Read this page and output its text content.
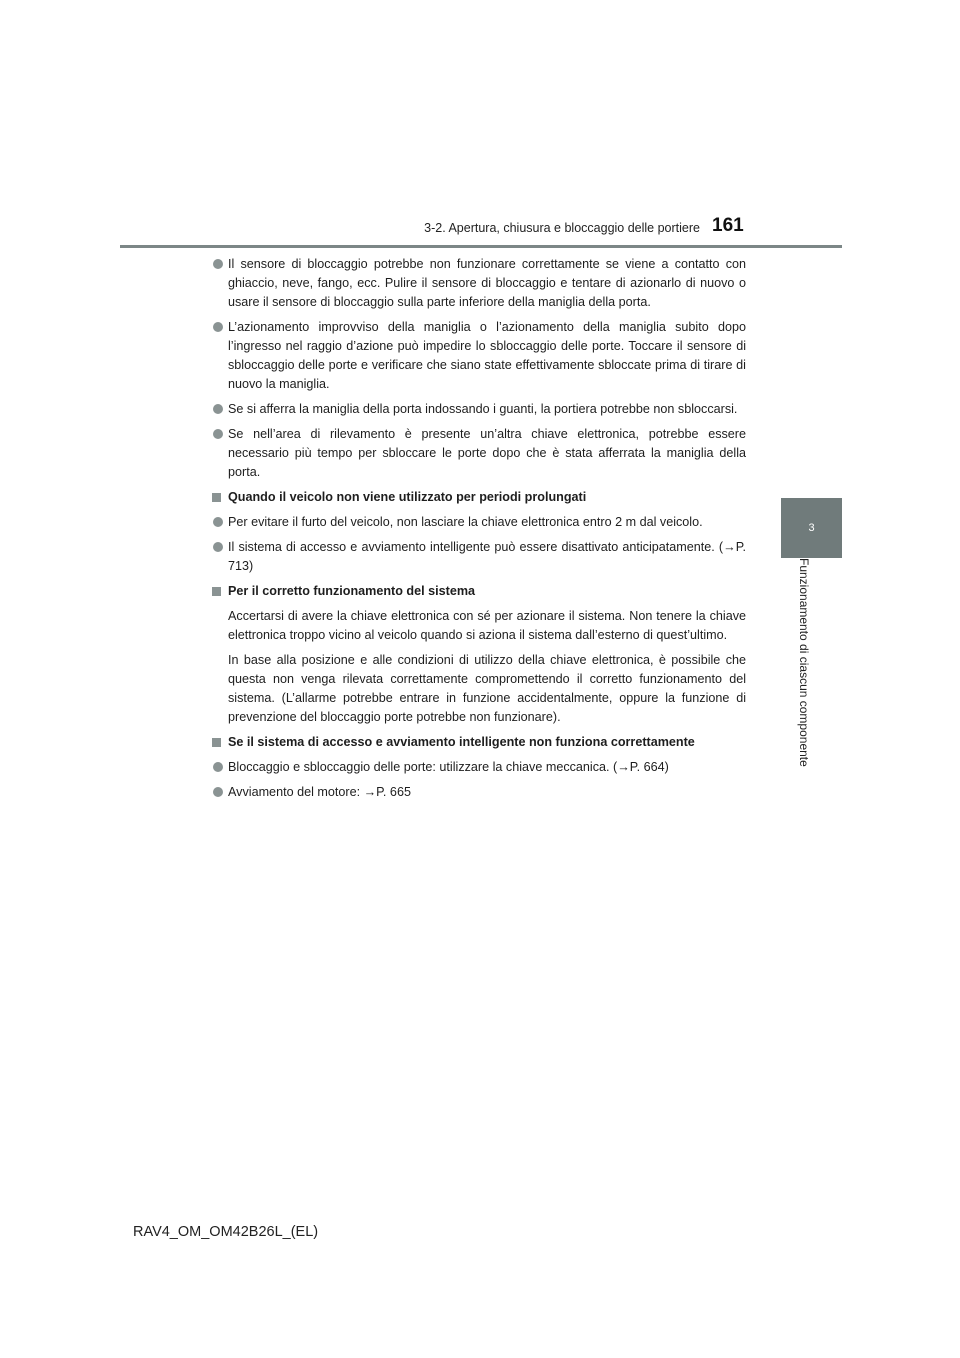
3-2. Apertura, chiusura e bloccaggio delle portiere 161
3
Funzionamento di ciascun componente
Il sensore di bloccaggio potrebbe non funzionare correttamente se viene a contatto con ghiaccio, neve, fango, ecc. Pulire il sensore di bloccaggio e tentare di azionarlo di nuovo o usare il sensore di bloccaggio sulla parte inferiore della maniglia della porta.
L’azionamento improvviso della maniglia o l’azionamento della maniglia subito dopo l’ingresso nel raggio d’azione può impedire lo sbloccaggio delle porte. Toccare il sensore di sbloccaggio delle porte e verificare che siano state effettivamente sbloccate prima di tirare di nuovo la maniglia.
Se si afferra la maniglia della porta indossando i guanti, la portiera potrebbe non sbloccarsi.
Se nell’area di rilevamento è presente un’altra chiave elettronica, potrebbe essere necessario più tempo per sbloccare le porte dopo che è stata afferrata la maniglia della porta.
Quando il veicolo non viene utilizzato per periodi prolungati
Per evitare il furto del veicolo, non lasciare la chiave elettronica entro 2 m dal veicolo.
Il sistema di accesso e avviamento intelligente può essere disattivato anticipatamente. (→P. 713)
Per il corretto funzionamento del sistema
Accertarsi di avere la chiave elettronica con sé per azionare il sistema. Non tenere la chiave elettronica troppo vicino al veicolo quando si aziona il sistema dall’esterno di quest’ultimo.
In base alla posizione e alle condizioni di utilizzo della chiave elettronica, è possibile che questa non venga rilevata correttamente compromettendo il corretto funzionamento del sistema. (L’allarme potrebbe entrare in funzione accidentalmente, oppure la funzione di prevenzione del bloccaggio porte potrebbe non funzionare).
Se il sistema di accesso e avviamento intelligente non funziona correttamente
Bloccaggio e sbloccaggio delle porte: utilizzare la chiave meccanica. (→P. 664)
Avviamento del motore: →P. 665
RAV4_OM_OM42B26L_(EL)
